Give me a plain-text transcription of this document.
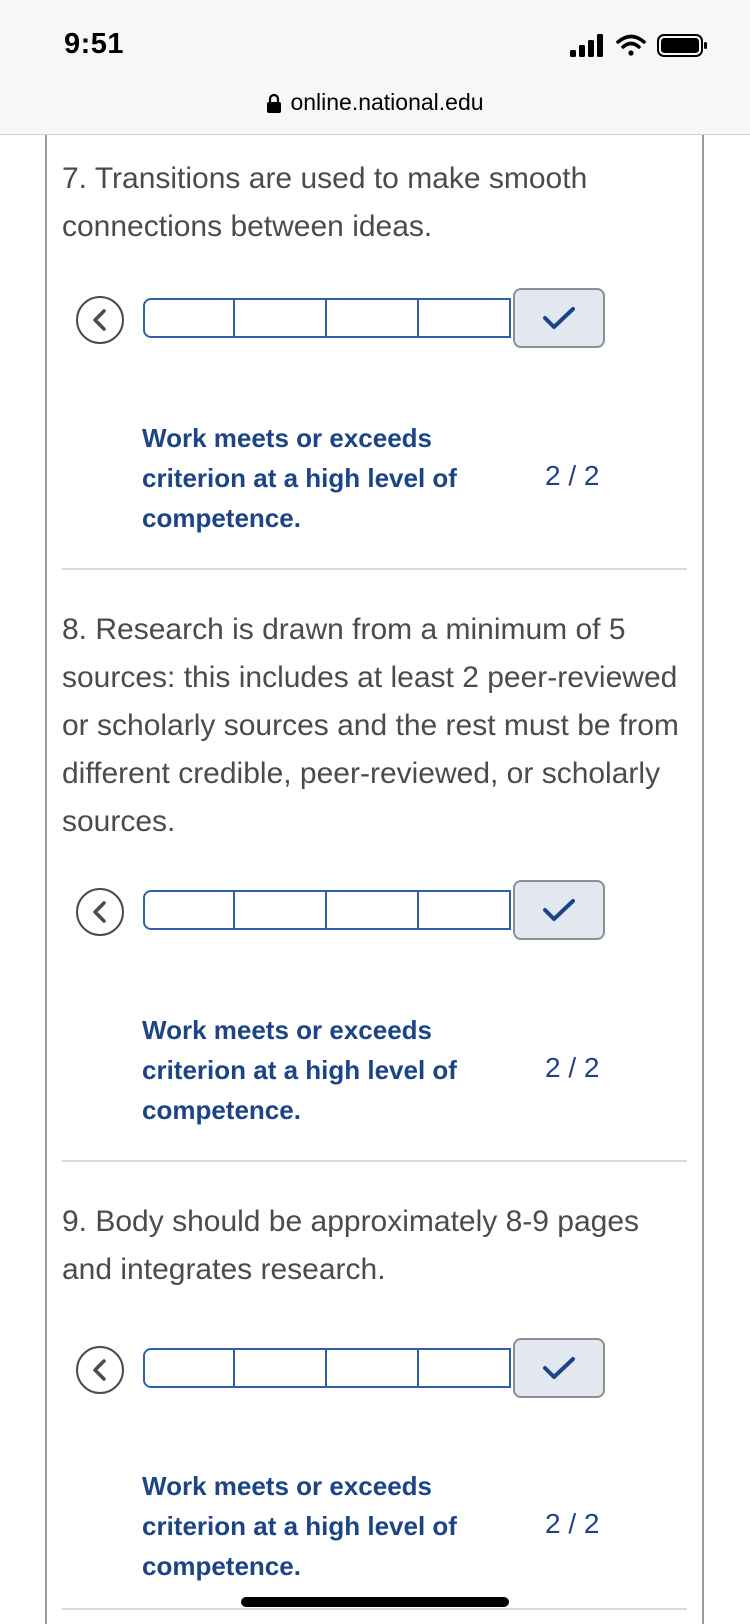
9:51
online.national.edu

7. Transitions are used to make smooth connections between ideas.

Work meets or exceeds criterion at a high level of competence.
2 / 2

8. Research is drawn from a minimum of 5 sources: this includes at least 2 peer-reviewed or scholarly sources and the rest must be from different credible, peer-reviewed, or scholarly sources.

Work meets or exceeds criterion at a high level of competence.
2 / 2

9. Body should be approximately 8-9 pages and integrates research.

Work meets or exceeds criterion at a high level of competence.
2 / 2
